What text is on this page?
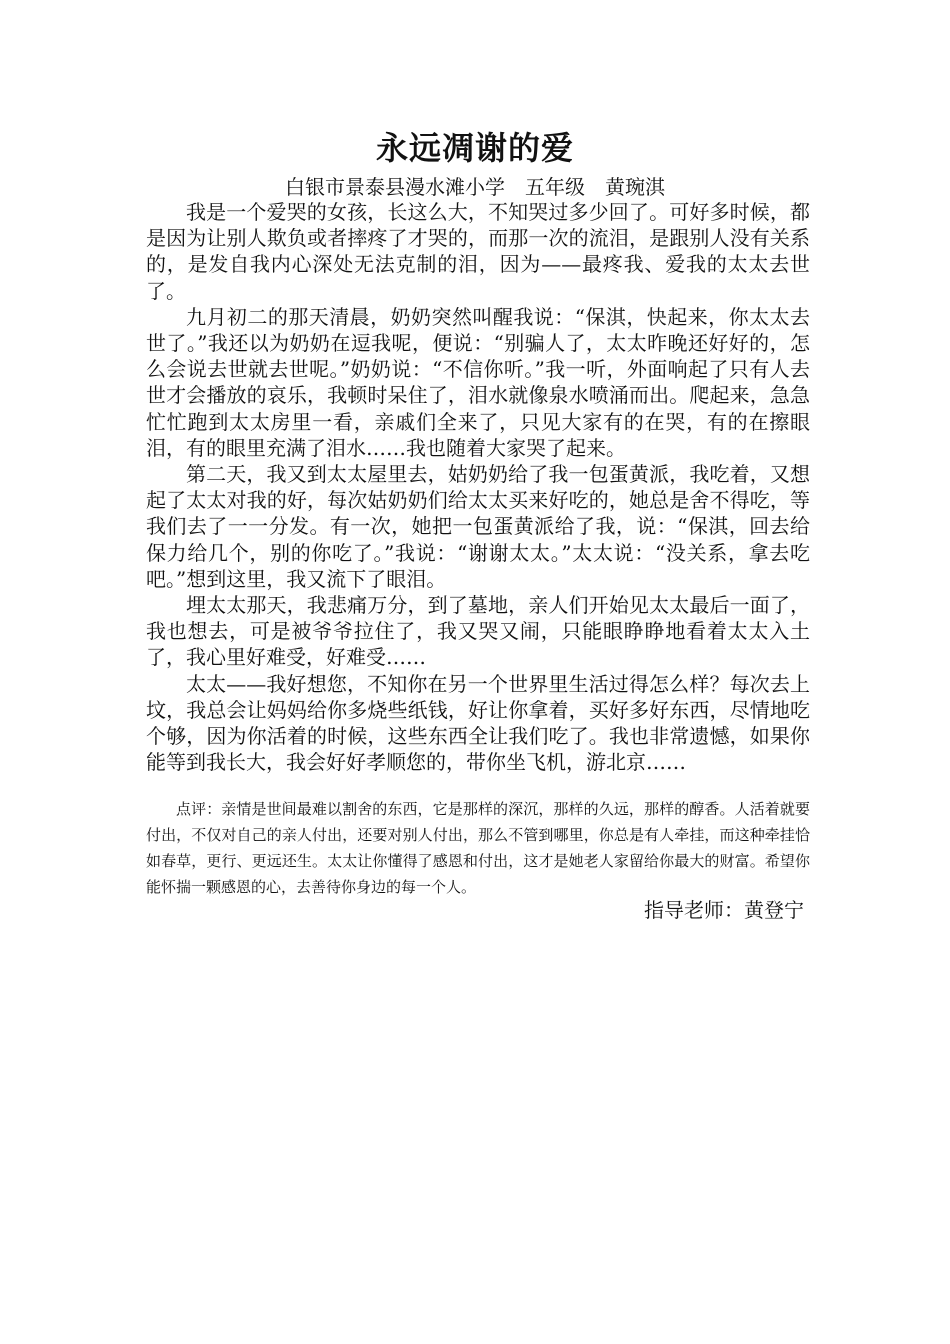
永远凋谢的爱
白银市景泰县漫水滩小学　五年级　黄琬淇

我是一个爱哭的女孩，长这么大，不知哭过多少回了。可好多时候，都是因为让别人欺负或者摔疼了才哭的，而那一次的流泪，是跟别人没有关系的，是发自我内心深处无法克制的泪，因为——最疼我、爱我的太太去世了。

九月初二的那天清晨，奶奶突然叫醒我说：“保淇，快起来，你太太去世了。”我还以为奶奶在逗我呢，便说：“别骗人了，太太昨晚还好好的，怎么会说去世就去世呢。”奶奶说：“不信你听。”我一听，外面响起了只有人去世才会播放的哀乐，我顿时呆住了，泪水就像泉水喷涌而出。爬起来，急急忙忙跑到太太房里一看，亲戚们全来了，只见大家有的在哭，有的在擦眼泪，有的眼里充满了泪水……我也随着大家哭了起来。

第二天，我又到太太屋里去，姑奶奶给了我一包蛋黄派，我吃着，又想起了太太对我的好，每次姑奶奶们给太太买来好吃的，她总是舍不得吃，等我们去了一一分发。有一次，她把一包蛋黄派给了我，说：“保淇，回去给保力给几个，别的你吃了。”我说：“谢谢太太。”太太说：“没关系，拿去吃吧。”想到这里，我又流下了眼泪。

埋太太那天，我悲痛万分，到了墓地，亲人们开始见太太最后一面了，我也想去，可是被爷爷拉住了，我又哭又闹，只能眼睁睁地看着太太入土了，我心里好难受，好难受……

太太——我好想您，不知你在另一个世界里生活过得怎么样？每次去上坟，我总会让妈妈给你多烧些纸钱，好让你拿着，买好多好东西，尽情地吃个够，因为你活着的时候，这些东西全让我们吃了。我也非常遗憾，如果你能等到我长大，我会好好孝顺您的，带你坐飞机，游北京……

点评：亲情是世间最难以割舍的东西，它是那样的深沉，那样的久远，那样的醇香。人活着就要付出，不仅对自己的亲人付出，还要对别人付出，那么不管到哪里，你总是有人牵挂，而这种牵挂恰如春草，更行、更远还生。太太让你懂得了感恩和付出，这才是她老人家留给你最大的财富。希望你能怀揣一颗感恩的心，去善待你身边的每一个人。

指导老师：黄登宁
